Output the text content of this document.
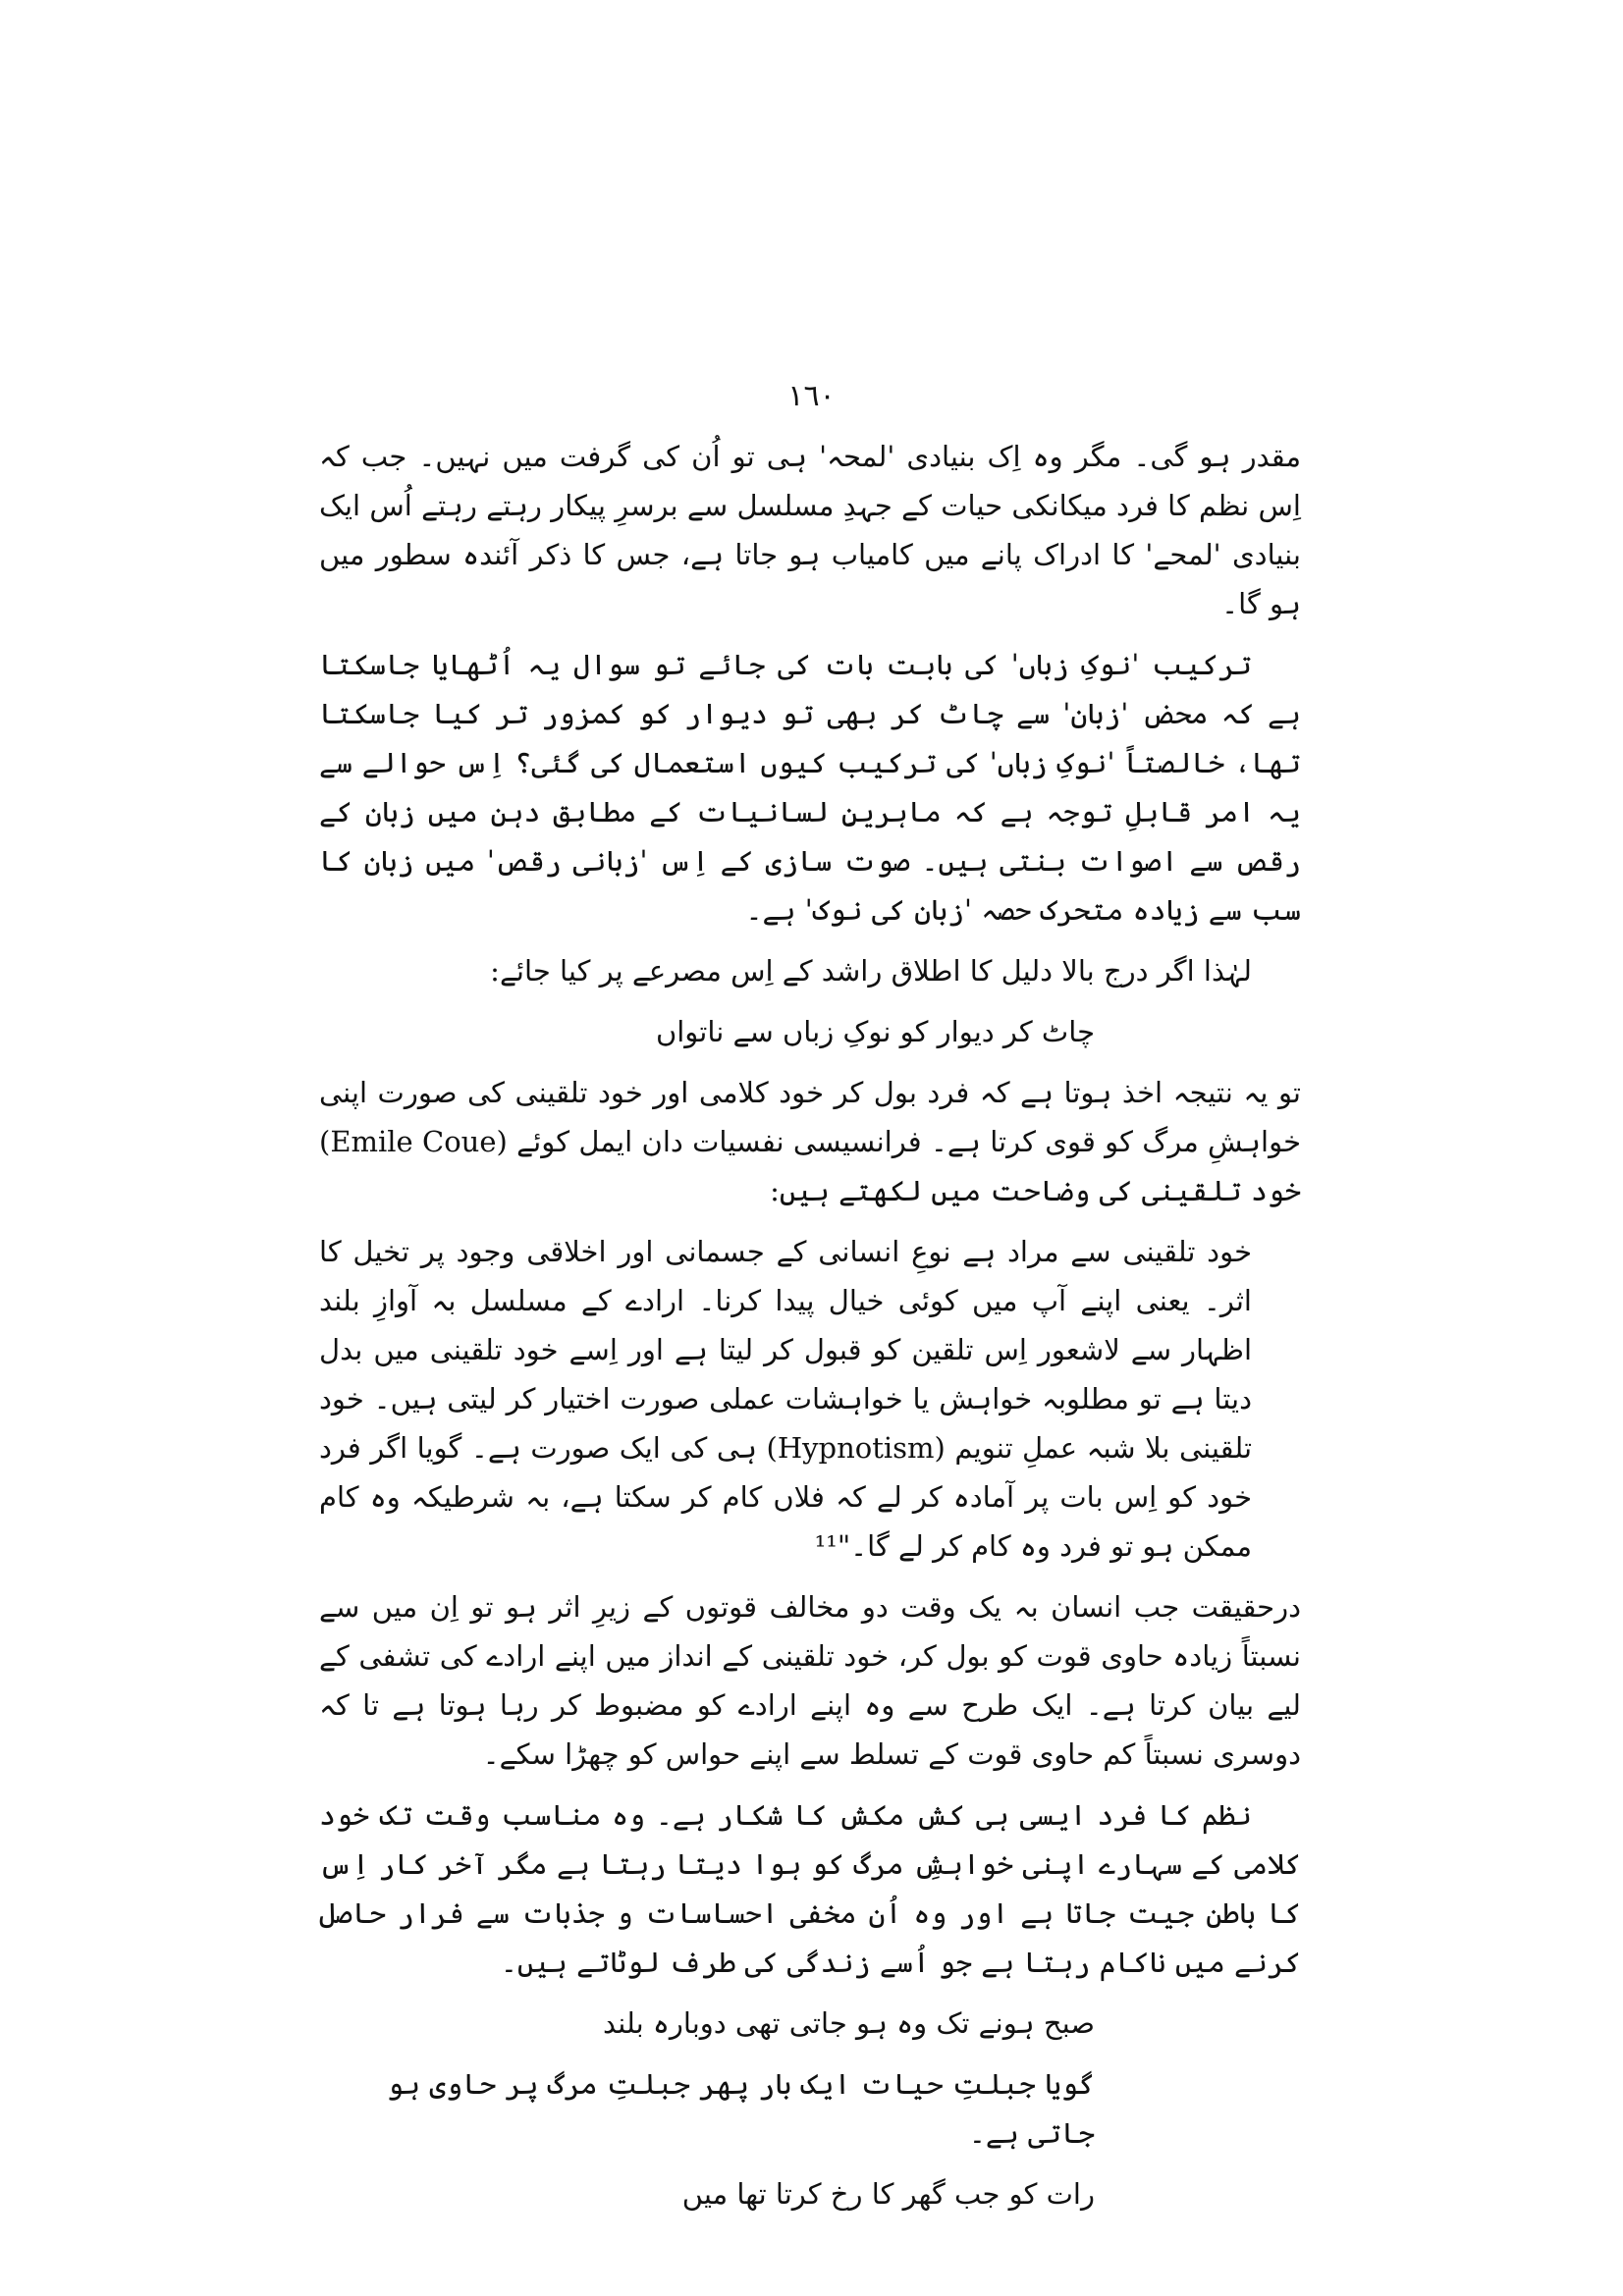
١٦٠

مقدر ہو گی۔ مگر وہ اِک بنیادی 'لمحہ' ہی تو اُن کی گرفت میں نہیں۔ جب کہ اِس نظم کا فرد میکانکی حیات کے جہدِ مسلسل سے برسرِ پیکار رہتے رہتے اُس ایک بنیادی 'لمحے' کا ادراک پانے میں کامیاب ہو جاتا ہے، جس کا ذکر آئندہ سطور میں ہو گا۔

ترکیب 'نوکِ زباں' کی بابت بات کی جائے تو سوال یہ اُٹھایا جاسکتا ہے کہ محض 'زبان' سے چاٹ کر بھی تو دیوار کو کمزور تر کیا جاسکتا تھا، خالصتاً 'نوکِ زباں' کی ترکیب کیوں استعمال کی گئی؟ اِس حوالے سے یہ امر قابلِ توجہ ہے کہ ماہرینِ لسانیات کے مطابق دہن میں زبان کے رقص سے اصوات بنتی ہیں۔ صوت سازی کے اِس 'زبانی رقص' میں زبان کا سب سے زیادہ متحرک حصہ 'زبان کی نوک' ہے۔

لہٰذا اگر درج بالا دلیل کا اطلاق راشد کے اِس مصرعے پر کیا جائے:

چاٹ کر دیوار کو نوکِ زباں سے ناتواں

تو یہ نتیجہ اخذ ہوتا ہے کہ فرد بول کر خود کلامی اور خود تلقینی کی صورت اپنی خواہشِ مرگ کو قوی کرتا ہے۔ فرانسیسی نفسیات دان ایمل کوئے (Emile Coue) خود تلقینی کی وضاحت میں لکھتے ہیں:

خود تلقینی سے مراد ہے نوعِ انسانی کے جسمانی اور اخلاقی وجود پر تخیل کا اثر۔ یعنی اپنے آپ میں کوئی خیال پیدا کرنا۔ ارادے کے مسلسل بہ آوازِ بلند اظہار سے لاشعور اِس تلقین کو قبول کر لیتا ہے اور اِسے خود تلقینی میں بدل دیتا ہے تو مطلوبہ خواہش یا خواہشات عملی صورت اختیار کر لیتی ہیں۔ خود تلقینی بلا شبہ عملِ تنویم (Hypnotism) ہی کی ایک صورت ہے۔ گویا اگر فرد خود کو اِس بات پر آمادہ کر لے کہ فلاں کام کر سکتا ہے، بہ شرطیکہ وہ کام ممکن ہو تو فرد وہ کام کر لے گا۔"¹¹

درحقیقت جب انسان بہ یک وقت دو مخالف قوتوں کے زیرِ اثر ہو تو اِن میں سے نسبتاً زیادہ حاوی قوت کو بول کر، خود تلقینی کے انداز میں اپنے ارادے کی تشفی کے لیے بیان کرتا ہے۔ ایک طرح سے وہ اپنے ارادے کو مضبوط کر رہا ہوتا ہے تا کہ دوسری نسبتاً کم حاوی قوت کے تسلط سے اپنے حواس کو چھڑا سکے۔

نظم کا فرد ایسی ہی کش مکش کا شکار ہے۔ وہ مناسب وقت تک خود کلامی کے سہارے اپنی خواہشِ مرگ کو ہوا دیتا رہتا ہے مگر آخر کار اِس کا باطن جیت جاتا ہے اور وہ اُن مخفی احساسات و جذبات سے فرار حاصل کرنے میں ناکام رہتا ہے جو اُسے زندگی کی طرف لوٹاتے ہیں۔

صبح ہونے تک وہ ہو جاتی تھی دوبارہ بلند

گویا جبلتِ حیات ایک بار پھر جبلتِ مرگ پر حاوی ہو جاتی ہے۔

رات کو جب گھر کا رخ کرتا تھا میں
